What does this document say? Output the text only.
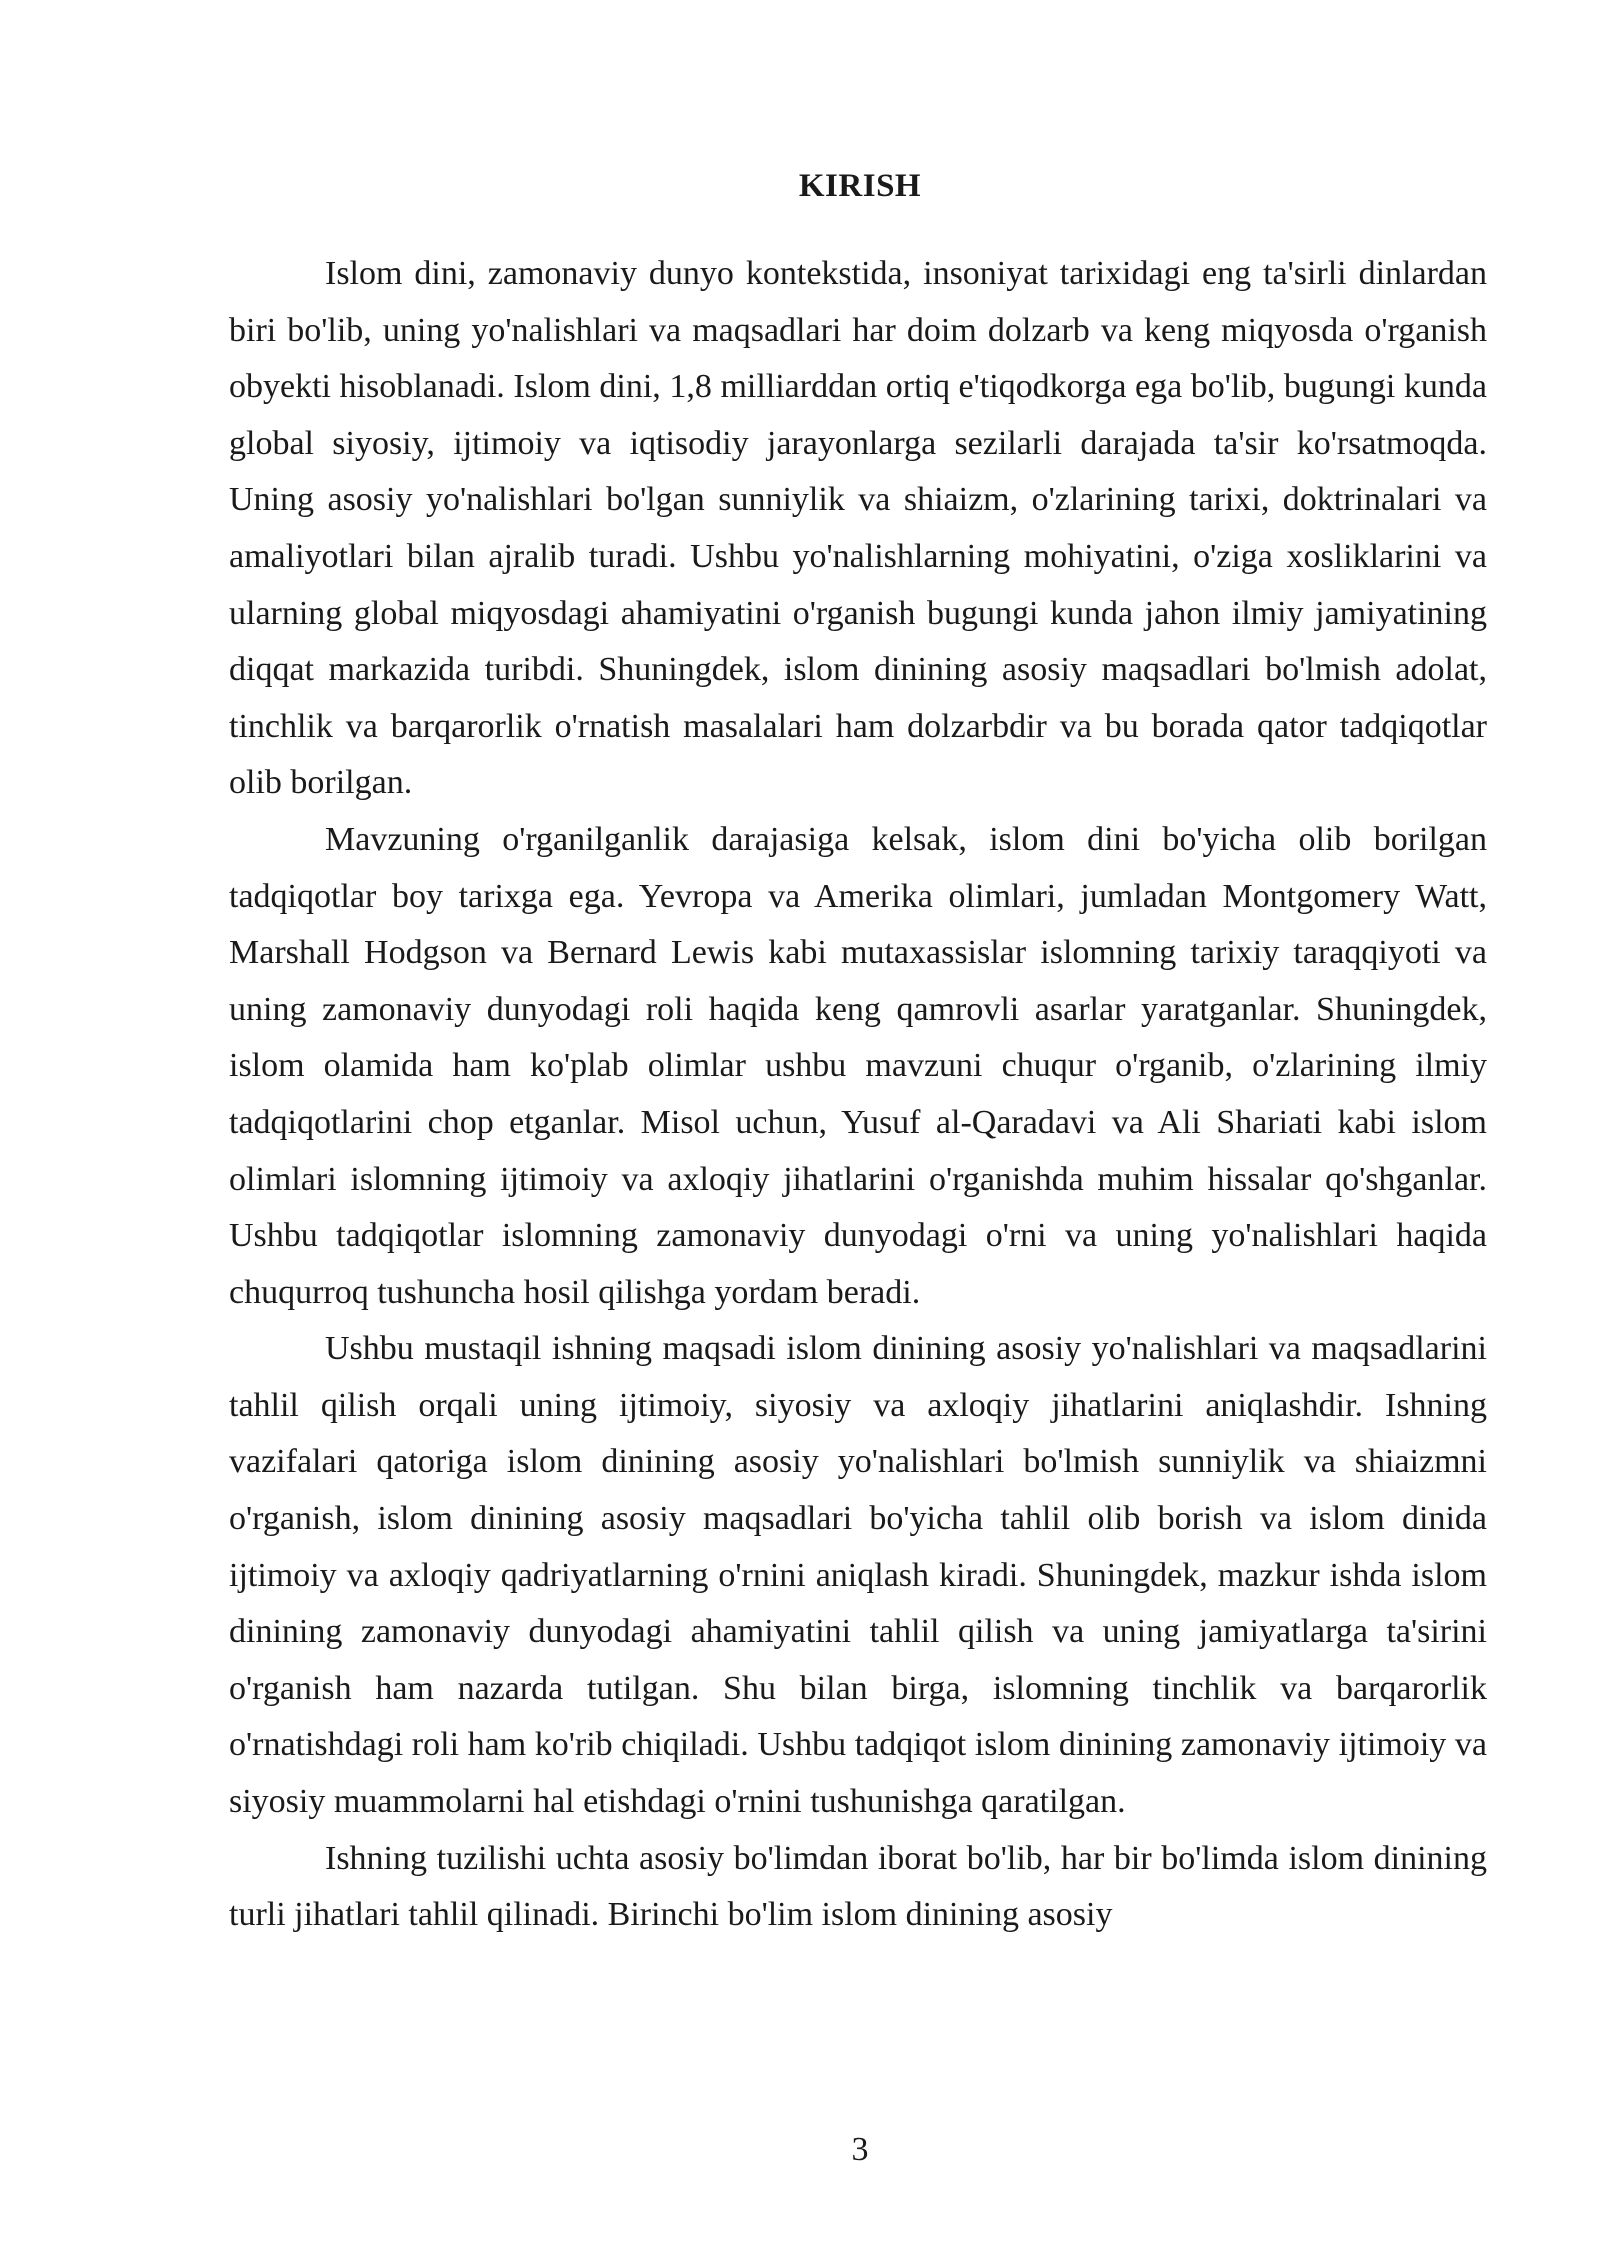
KIRISH

Islom dini, zamonaviy dunyo kontekstida, insoniyat tarixidagi eng ta'sirli dinlardan biri bo'lib, uning yo'nalishlari va maqsadlari har doim dolzarb va keng miqyosda o'rganish obyekti hisoblanadi. Islom dini, 1,8 milliarddan ortiq e'tiqodkorga ega bo'lib, bugungi kunda global siyosiy, ijtimoiy va iqtisodiy jarayonlarga sezilarli darajada ta'sir ko'rsatmoqda. Uning asosiy yo'nalishlari bo'lgan sunniylik va shiaizm, o'zlarining tarixi, doktrinalari va amaliyotlari bilan ajralib turadi. Ushbu yo'nalishlarning mohiyatini, o'ziga xosliklarini va ularning global miqyosdagi ahamiyatini o'rganish bugungi kunda jahon ilmiy jamiyatining diqqat markazida turibdi. Shuningdek, islom dinining asosiy maqsadlari bo'lmish adolat, tinchlik va barqarorlik o'rnatish masalalari ham dolzarbdir va bu borada qator tadqiqotlar olib borilgan.

Mavzuning o'rganilganlik darajasiga kelsak, islom dini bo'yicha olib borilgan tadqiqotlar boy tarixga ega. Yevropa va Amerika olimlari, jumladan Montgomery Watt, Marshall Hodgson va Bernard Lewis kabi mutaxassislar islomning tarixiy taraqqiyoti va uning zamonaviy dunyodagi roli haqida keng qamrovli asarlar yaratganlar. Shuningdek, islom olamida ham ko'plab olimlar ushbu mavzuni chuqur o'rganib, o'zlarining ilmiy tadqiqotlarini chop etganlar. Misol uchun, Yusuf al-Qaradavi va Ali Shariati kabi islom olimlari islomning ijtimoiy va axloqiy jihatlarini o'rganishda muhim hissalar qo'shganlar. Ushbu tadqiqotlar islomning zamonaviy dunyodagi o'rni va uning yo'nalishlari haqida chuqurroq tushuncha hosil qilishga yordam beradi.

Ushbu mustaqil ishning maqsadi islom dinining asosiy yo'nalishlari va maqsadlarini tahlil qilish orqali uning ijtimoiy, siyosiy va axloqiy jihatlarini aniqlashdir. Ishning vazifalari qatoriga islom dinining asosiy yo'nalishlari bo'lmish sunniylik va shiaizmni o'rganish, islom dinining asosiy maqsadlari bo'yicha tahlil olib borish va islom dinida ijtimoiy va axloqiy qadriyatlarning o'rnini aniqlash kiradi. Shuningdek, mazkur ishda islom dinining zamonaviy dunyodagi ahamiyatini tahlil qilish va uning jamiyatlarga ta'sirini o'rganish ham nazarda tutilgan. Shu bilan birga, islomning tinchlik va barqarorlik o'rnatishdagi roli ham ko'rib chiqiladi. Ushbu tadqiqot islom dinining zamonaviy ijtimoiy va siyosiy muammolarni hal etishdagi o'rnini tushunishga qaratilgan.

Ishning tuzilishi uchta asosiy bo'limdan iborat bo'lib, har bir bo'limda islom dinining turli jihatlari tahlil qilinadi. Birinchi bo'lim islom dinining asosiy

3
